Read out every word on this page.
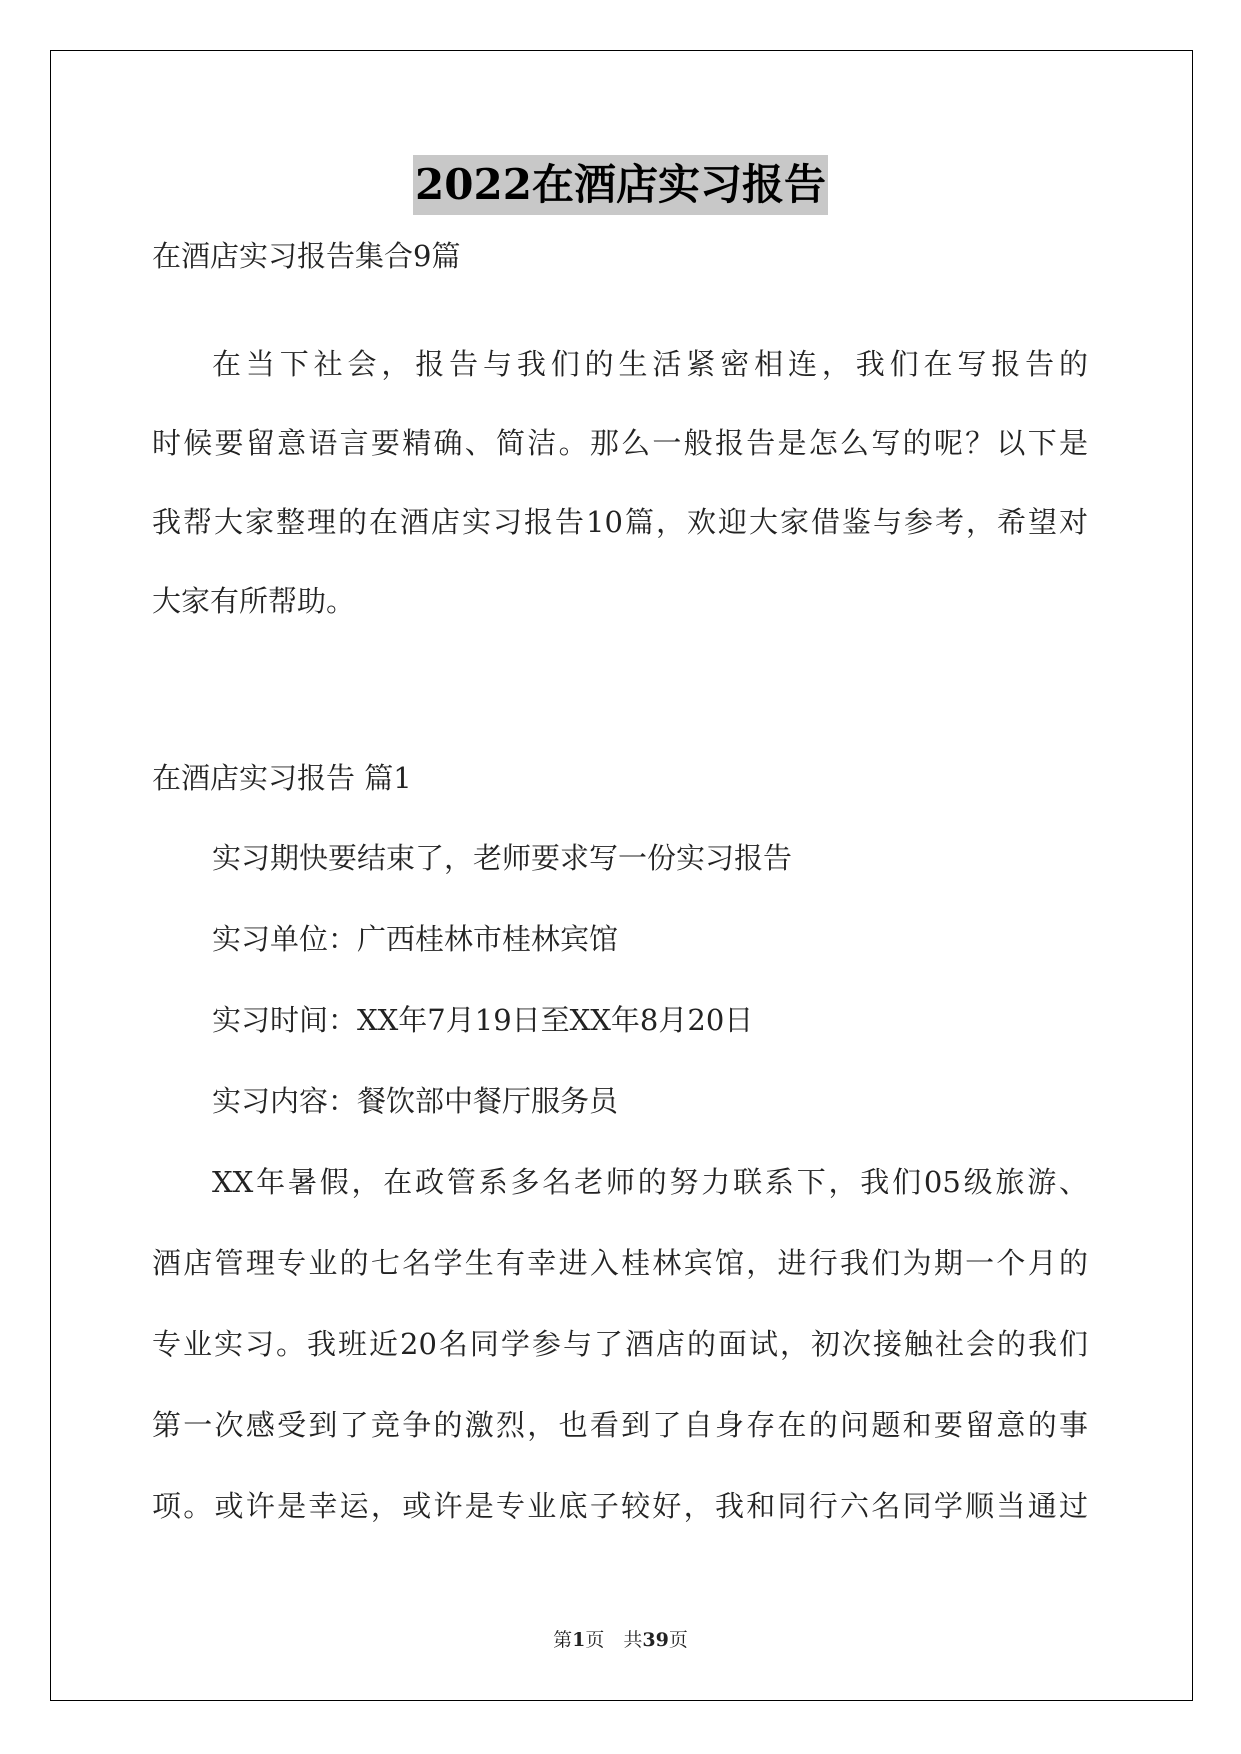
2022在酒店实习报告
在酒店实习报告集合9篇
在当下社会，报告与我们的生活紧密相连，我们在写报告的
时候要留意语言要精确、简洁。那么一般报告是怎么写的呢？以下是
我帮大家整理的在酒店实习报告10篇，欢迎大家借鉴与参考，希望对
大家有所帮助。
在酒店实习报告 篇1
实习期快要结束了，老师要求写一份实习报告
实习单位：广西桂林市桂林宾馆
实习时间：XX年7月19日至XX年8月20日
实习内容：餐饮部中餐厅服务员
XX年暑假，在政管系多名老师的努力联系下，我们05级旅游、
酒店管理专业的七名学生有幸进入桂林宾馆，进行我们为期一个月的
专业实习。我班近20名同学参与了酒店的面试，初次接触社会的我们
第一次感受到了竞争的激烈，也看到了自身存在的问题和要留意的事
项。或许是幸运，或许是专业底子较好，我和同行六名同学顺当通过
第1页　共39页
